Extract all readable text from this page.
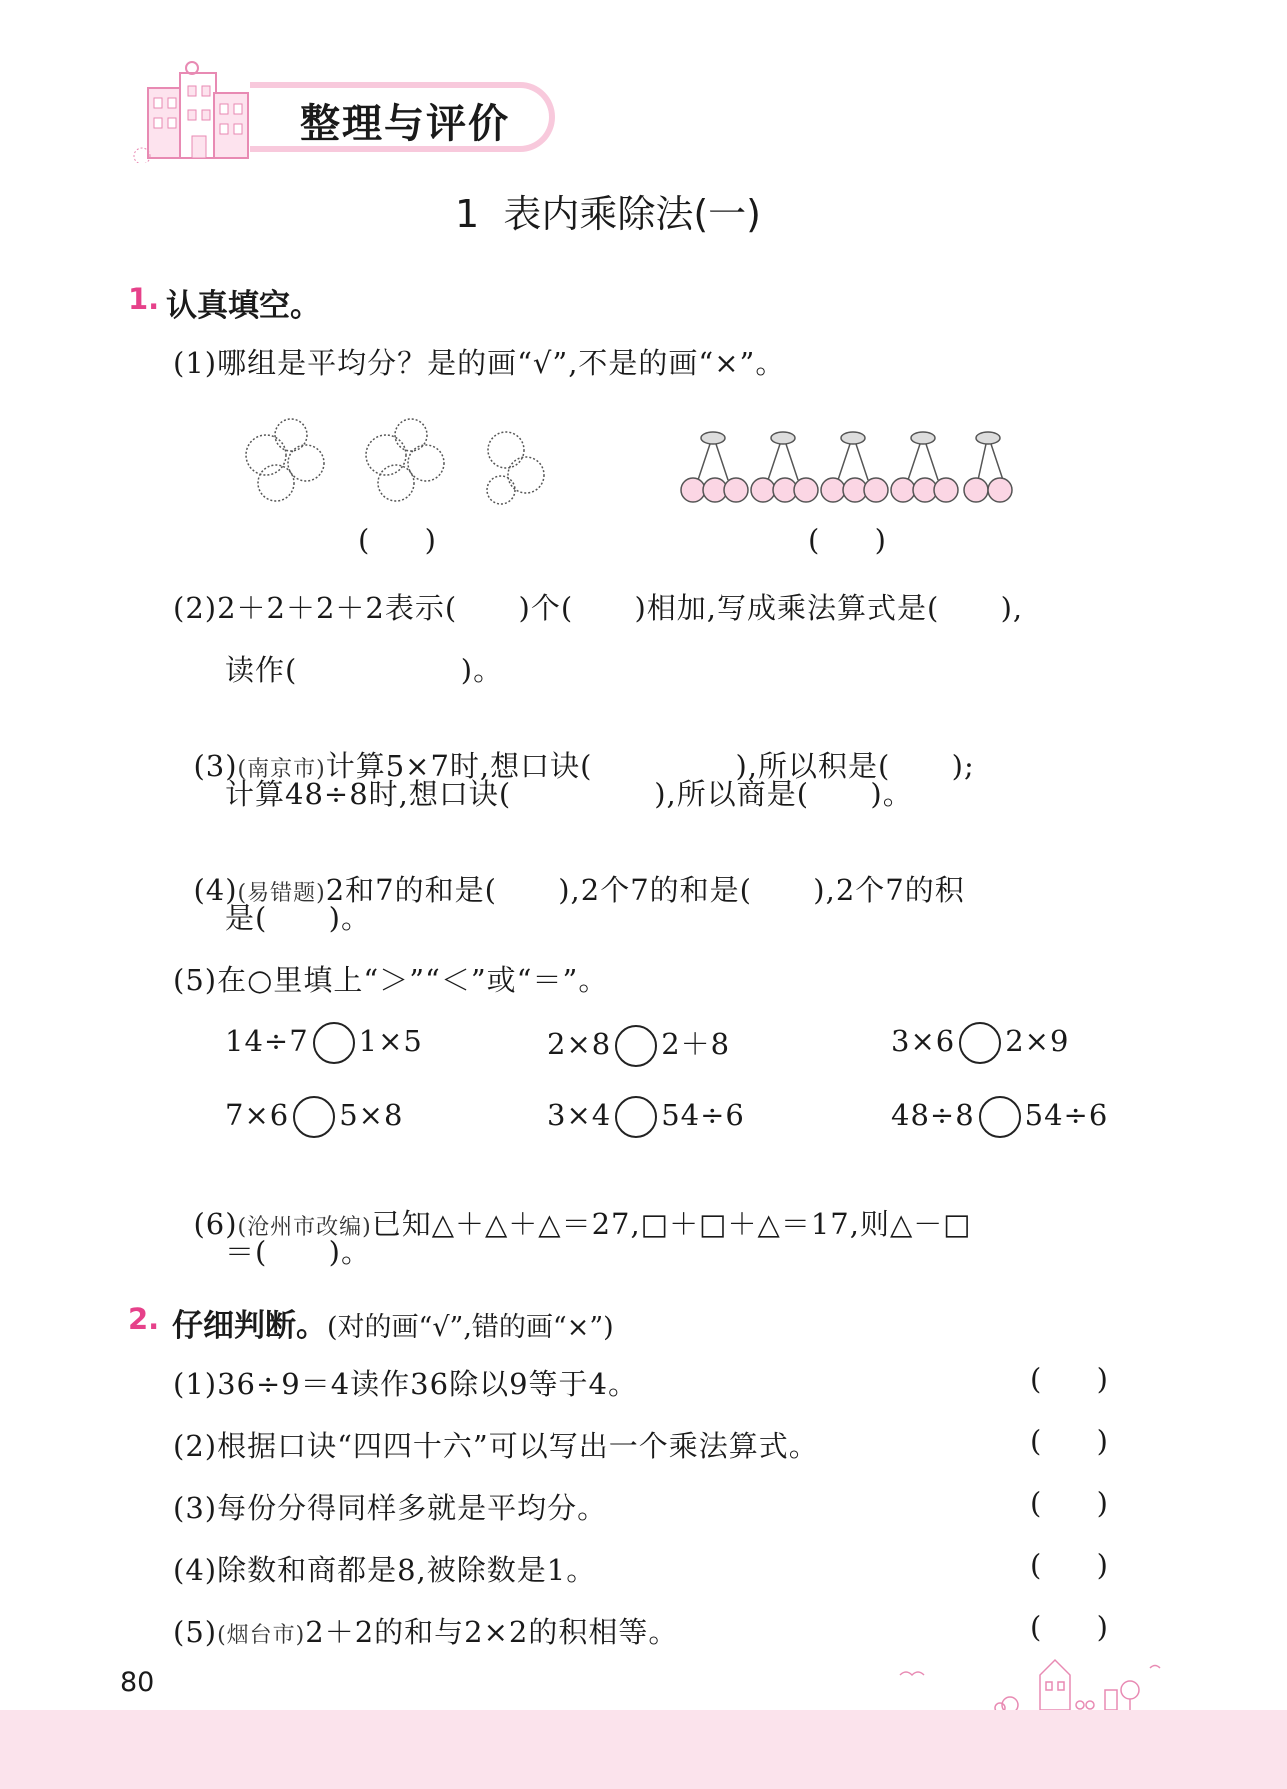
整理与评价
1  表内乘除法(一)
1. 认真填空。
(1)哪组是平均分？是的画“√”,不是的画“×”。
(      )	(      )
(2)2＋2＋2＋2表示(      )个(      )相加,写成乘法算式是(      ),
读作(                )。

(3)(南京市)计算5×7时,想口诀(              ),所以积是(      );

计算48÷8时,想口诀(              ),所以商是(      )。

(4)(易错题)2和7的和是(      ),2个7的和是(      ),2个7的积

是(      )。
(5)在○里填上“＞”“＜”或“＝”。
14÷7 1×5	2×8 2＋8	3×6 2×9
7×6 5×8	3×4 54÷6	48÷8 54÷6

(6)(沧州市改编)已知△＋△＋△＝27,□＋□＋△＝17,则△－□

＝(      )。
2. 仔细判断。(对的画“√”,错的画“×”)
(1)36÷9＝4读作36除以9等于4。	(      )
(2)根据口诀“四四十六”可以写出一个乘法算式。	(      )
(3)每份分得同样多就是平均分。	(      )
(4)除数和商都是8,被除数是1。	(      )
(5)(烟台市)2＋2的和与2×2的积相等。	(      )
80
